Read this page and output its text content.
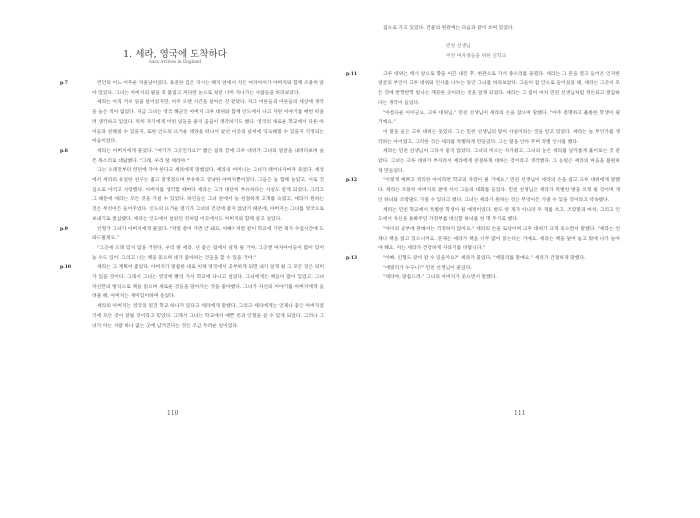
1. 세라, 영국에 도착하다
Sara Arrives in England

p.7	런던의 어느 어두운 겨울날이었다. 육중한 검은 지시는 해지 앞에서 지은 여자아이가 아버지와 함께 조용히 앉아 있었다. 그녀는 아버지의 팔을 꼭 붙잡고 커다란 눈으로 창문 너머 지나가는 사람들을 바라보았다.

세라는 아직 겨우 일곱 살이었지만, 아주 오랜 시간을 살아온 것 같았다. 자그 어른들과 어른들의 세상에 생각을 늘은 적이 없었다. 지금 그녀는 영국 해군인 아버지 크루 대위와 함께 인도에서 나고 자란 이야기를 매번 떠올려 생각하고 있었다. 특히 자기에게 어떤 일들을 줄지 곰곰이 생각하기도 했다. 영국의 새로운 학교에서 다른 아이들과 친해질 수 있을지, 또한 인도의 뜨거운 태양을 떠나서 낯선 이곳의 날씨에 익숙해질 수 있을지 걱정되는 마음이었다.

p.8	세라는 아버지에게 물었다. "여기가 그곳인가요?" 짧은 침묵 끝에 크루 대위가 그녀의 얼굴을 내려다보며 슬픈 목소리로 대답했다. "그래, 우리 딸 세라야."

그는 오래전부터 런던에 가야 한다고 세라에게 말했었다. 세라의 어머니는 그녀가 태어나자마자 죽었다. 세상에서 세라의 유일한 친구는 젊고 잘생겼으며 부유하고 상냥한 아버지뿐이었다. 그들은 늘 함께 놀았고, 서로 진심으로 아끼고 사랑했다. 아버지를 생각할 때마다 세라는 그가 대단히 부유하다는 사실도 알게 되었다. 그리고 그 때문에 세라는 모든 것을 가질 수 있었다. 하인들은 그녀 앞에서 늘 친절하게 고개를 숙였고, 세라가 원하는 것은 무엇이든 들어주었다. 인도의 뜨거운 열기가 그녀의 건강에 좋지 않았기 때문에, 아버지는 그녀를 영국으로 보내기로 결심했다. 세라는 인도에서 살았던 것처럼 이곳에서도 아버지와 함께 살고 싶었다.

p.9	인형가 그녀가 아버지에게 물었다. "저랑 같이 가면 안 돼요, 아빠? 저랑 같이 학교에 가면 제가 수업시간에 도와드릴게요."

"그곳에 오래 있지 않을 거란다, 우리 딸 세라. 넌 좋은 집에서 살게 될 거야, 그곳엔 여자아이들이 많이 있어 늘 수도 있어. 그리고 너는 책을 읽으며 네가 좋아하는 것들을 할 수 있을 거야."

p.10	세라는 그 계획이 좋았다. 아버지가 말씀한 대로 이제 영국에서 공부하게 되면 내가 알게 될 그 모든 것은 의미가 있을 것이다. 그래서 그녀는 영국에 빨리 가서 학교에 다니고 싶었다. 그녀에게는 책들이 많이 있었고, 그녀 자신만의 방식으로 책을 읽으며 새로운 것들을 알아가는 것을 좋아했다. 그녀가 자신의 이야기를 아버지에게 들려줄 때, 아버지는 재미있어하며 웃었다.

세라의 아버지는 영국의 멋진 학교 하나가 있다고 세라에게 말했다. 그리고 세라에게는 언제나 좋은 아버지였기에 모든 것이 잘될 것이라고 믿었다. 그래서 그녀는 학교에서 예쁜 옷과 인형을 살 수 있게 되었다. 그러나 그녀가 아는 사람 하나 없는 곳에 남겨진다는 것은 조금 두려운 일이었다.

110

집으로 가고 있었다. 건물의 현관에는 다음과 같이 쓰여 있었다.

민친 선생님
어린 여자생들을 위한 신학교

p.11	크루 대위는 벽시 앞으로 향을 이끈 내린 후, 현관으로 가서 종소리를 울렸다. 세라는 그 문을 열고 들어온 인자한 얼굴의 부인이 크루 대위와 인사를 나누는 동안 그녀를 바라보았다. 그들이 집 안으로 들어섰을 때, 세라는 그곳이 모든 것에 반짝반짝 빛나는 깨끗한 곳이라는 것을 알게 되었다. 세라는 그 집이 마치 민친 선생님처럼 정돈되고 깔끔하다는 생각이 들었다.

"아름다운 아이군요, 크루 대위님." 민친 선생님이 세라의 손을 잡으며 말했다. "아주 총명하고 훌륭한 학생이 될 거예요."

이 말을 들은 크루 대위는 웃었다. 그는 민친 선생님의 말이 사실이라는 것을 알고 있었다. 세라는 늘 무언가를 생각하는 아이였고, 그러한 것은 세라를 특별하게 만들었다. 그는 딸을 안아 주며 작별 인사를 했다.

세라는 민친 선생님이 그다지 좋지 않았다. 그녀의 미소는 차가웠고, 그녀의 눈은 세라를 날카롭게 훑어보는 것 같았다. 그녀는 크루 대위가 부자라서 세라에게 친절하게 대하는 것이라고 생각했다. 그 눈빛은 세라의 마음을 불편하게 만들었다.

p.12	"이렇게 예쁘고 영리한 아이라면 학교의 자랑이 될 거예요," 민친 선생님이 세라의 손을 잡고 크루 대위에게 말했다. 세라는 조용히 아버지의 곁에 서서 그들의 대화를 들었다. 민친 선생님은 세라가 특별한 방을 쓰게 될 것이며 개인 하녀와 조랑말도 가질 수 있다고 했다. 그녀는 세라가 원하는 것은 무엇이든 가질 수 있을 것이라고 약속했다.

세라는 민친 학교에서 특별한 학생이 될 예정이었다. 방도 한 개가 아니라 두 개를 쓰고, 조랑말과 마차, 그리고 인도에서 자신을 돌봐주던 가정부를 대신할 하녀를 한 명 두기로 했다.

"아이의 공부에 관해서는 걱정하지 않아요." 세라의 손을 토닥이며 크루 대위가 크게 웃으면서 말했다. "세라는 언제나 책을 읽고 있으니까요. 문제는 세라가 책을 너무 많이 읽는다는 거예요. 세라는 책을 덮어 놓고 밖에 나가 놀아야 해요. 저는 세라가 건강하게 자라기를 바랍니다."

p.13	"아빠, 인형도 같이 갈 수 있을까요?" 세라가 물었다. "에밀리를 말예요." 세라가 간절하게 말했다.

"에밀리가 누구니?" 민친 선생님이 물었다.

"세라야, 말씀드려." 그녀의 아버지가 웃으면서 말했다.

111
